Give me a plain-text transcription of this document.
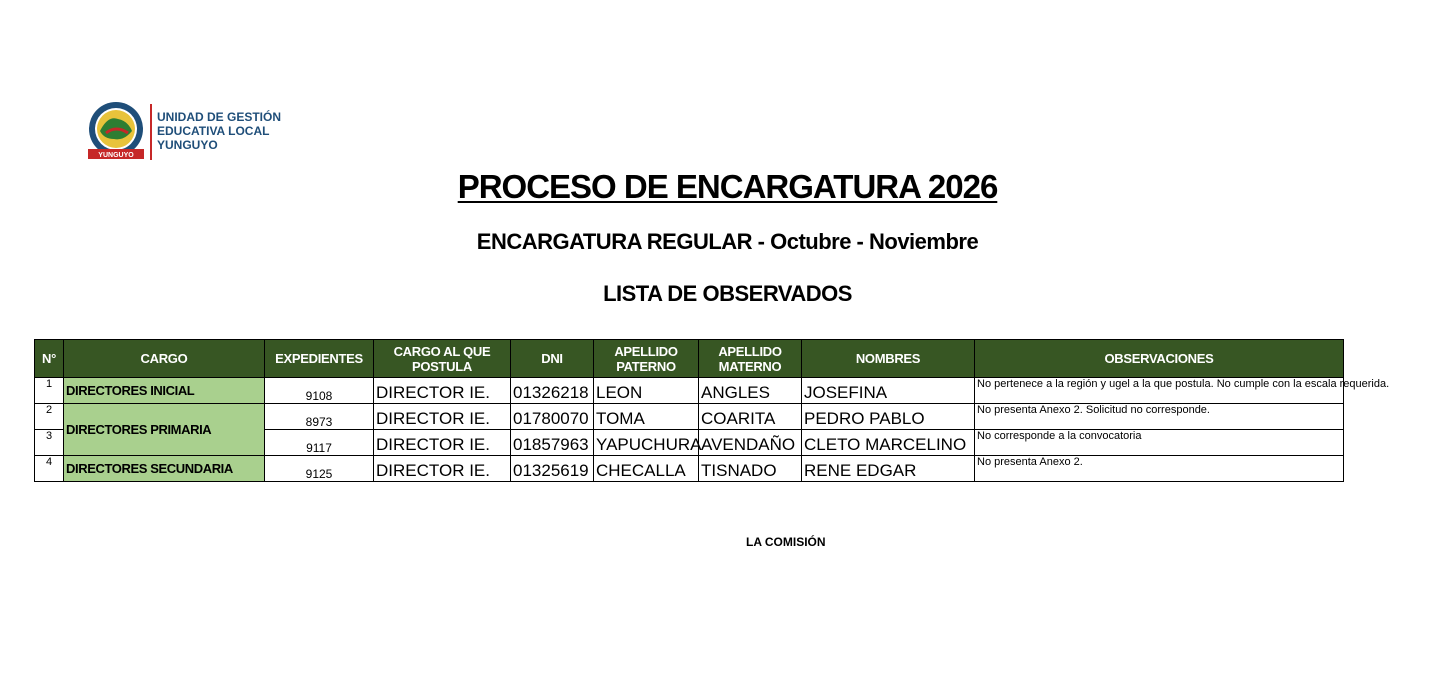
YUNGUYO
UNIDAD DE GESTIÓN
EDUCATIVA LOCAL
YUNGUYO
PROCESO DE ENCARGATURA 2026
ENCARGATURA REGULAR - Octubre - Noviembre
LISTA DE OBSERVADOS
N°	CARGO	EXPEDIENTES	CARGO AL QUE POSTULA	DNI	APELLIDO PATERNO	APELLIDO MATERNO	NOMBRES	OBSERVACIONES
1	DIRECTORES INICIAL	9108	DIRECTOR IE.	01326218	LEON	ANGLES	JOSEFINA	No pertenece a la región y ugel a la que postula. No cumple con la escala requerida.
2	DIRECTORES PRIMARIA	8973	DIRECTOR IE.	01780070	TOMA	COARITA	PEDRO PABLO	No presenta Anexo 2. Solicitud no corresponde.
3		9117	DIRECTOR IE.	01857963	YAPUCHURA	AVENDAÑO	CLETO MARCELINO	No corresponde a la convocatoria
4	DIRECTORES SECUNDARIA	9125	DIRECTOR IE.	01325619	CHECALLA	TISNADO	RENE EDGAR	No presenta Anexo 2.
LA COMISIÓN
